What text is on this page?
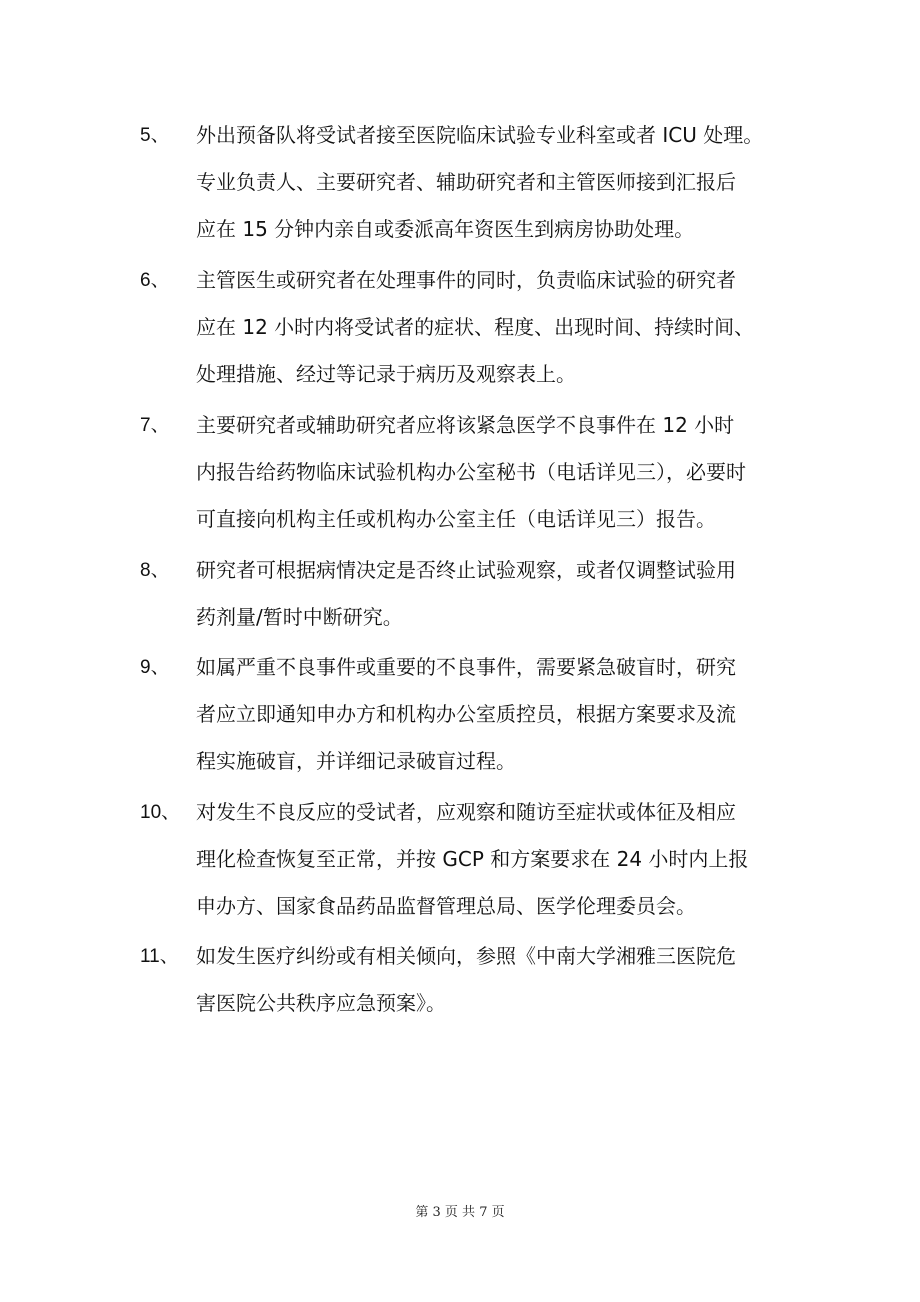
5、	外出预备队将受试者接至医院临床试验专业科室或者 ICU 处理。
专业负责人、主要研究者、辅助研究者和主管医师接到汇报后
应在 15 分钟内亲自或委派高年资医生到病房协助处理。
6、	主管医生或研究者在处理事件的同时，负责临床试验的研究者
应在 12 小时内将受试者的症状、程度、出现时间、持续时间、
处理措施、经过等记录于病历及观察表上。
7、	主要研究者或辅助研究者应将该紧急医学不良事件在 12 小时
内报告给药物临床试验机构办公室秘书（电话详见三），必要时
可直接向机构主任或机构办公室主任（电话详见三）报告。
8、	研究者可根据病情决定是否终止试验观察，或者仅调整试验用
药剂量/暂时中断研究。
9、	如属严重不良事件或重要的不良事件，需要紧急破盲时，研究
者应立即通知申办方和机构办公室质控员，根据方案要求及流
程实施破盲，并详细记录破盲过程。
10、 对发生不良反应的受试者，应观察和随访至症状或体征及相应
理化检查恢复至正常，并按 GCP 和方案要求在 24 小时内上报
申办方、国家食品药品监督管理总局、医学伦理委员会。
11、 如发生医疗纠纷或有相关倾向，参照《中南大学湘雅三医院危
害医院公共秩序应急预案》。
第 3 页 共 7 页
